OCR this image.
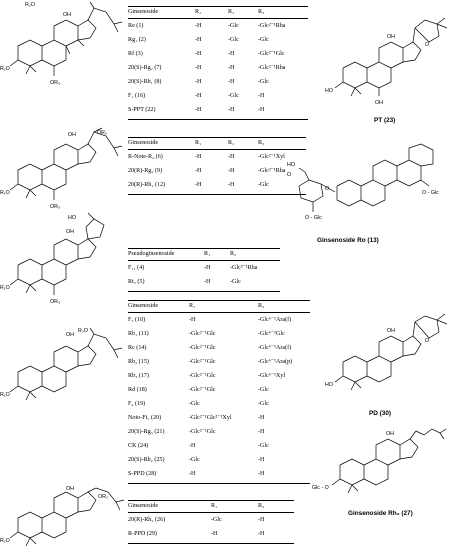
R₂O
OH
R₁O
OR₃
Ginsenoside	R₁	R₂	R₃
Re (1)	-H	-Glc	-Glc²⁻¹Rha
Rg₁ (2)	-H	-Glc	-Glc
Rf (3)	-H	-H	-Glc²⁻¹Glc
20(S)-Rg₂ (7)	-H	-H	-Glc²⁻¹Rha
20(S)-Rh₁ (8)	-H	-H	-Glc
F₁ (16)	-H	-Glc	-H
S-PPT (22)	-H	-H	-H
OH
O
HO
OH
PT (23)
OH	OR₂
R₁O
OR₃
Ginsenoside	R₁	R₂	R₃
R-Note-R₂ (6)	-H	-H	-Glc²⁻¹Xyl
20(R)-Rg₂ (9)	-H	-H	-Glc²⁻¹Rha
20(R)-Rh₁ (12)	-H	-H	-Glc
HO
O
O
O - Glc
O - Glc
Ginsenoside Ro (13)
HO
OH
R₁O
OR₃
Pseudoginsenoside	R₁	R₂
F₁₁ (4)	-H	-Glc²⁻¹Rha
Rt₅ (5)	-H	-Glc
OH
R₂O
R₁O
Ginsenoside	R₁	R₂
F₃ (10)	-H	-Glc⁶⁻¹Ara(f)
Rb₁ (11)	-Glc²⁻¹Glc	-Glc⁶⁻¹Glc
Rc (14)	-Glc²⁻¹Glc	-Glc⁶⁻¹Ara(f)
Rb₂ (15)	-Glc²⁻¹Glc	-Glc⁶⁻¹Ara(p)
Rb₃ (17)	-Glc²⁻¹Glc	-Glc⁶⁻¹Xyl
Rd (18)	-Glc²⁻¹Glc	-Glc
F₂ (19)	-Glc	-Glc
Noto-Ft₁ (20)	-Glc²⁻¹Glc²⁻¹Xyl	-H
20(S)-Rg₃ (21)	-Glc²⁻¹Glc	-H
CK (24)	-H	-Glc
20(S)-Rh₂ (25)	-Glc	-H
S-PPD (28)	-H	-H
OH
O
HO
PD (30)
OH
Glc - O
Ginsenoside Rh₃ (27)
OH
OR₂
R₁O
Ginsenoside	R₁	R₂
20(R)-Rh₂ (26)	-Glc	-H
R-PPD (29)	-H	-H
